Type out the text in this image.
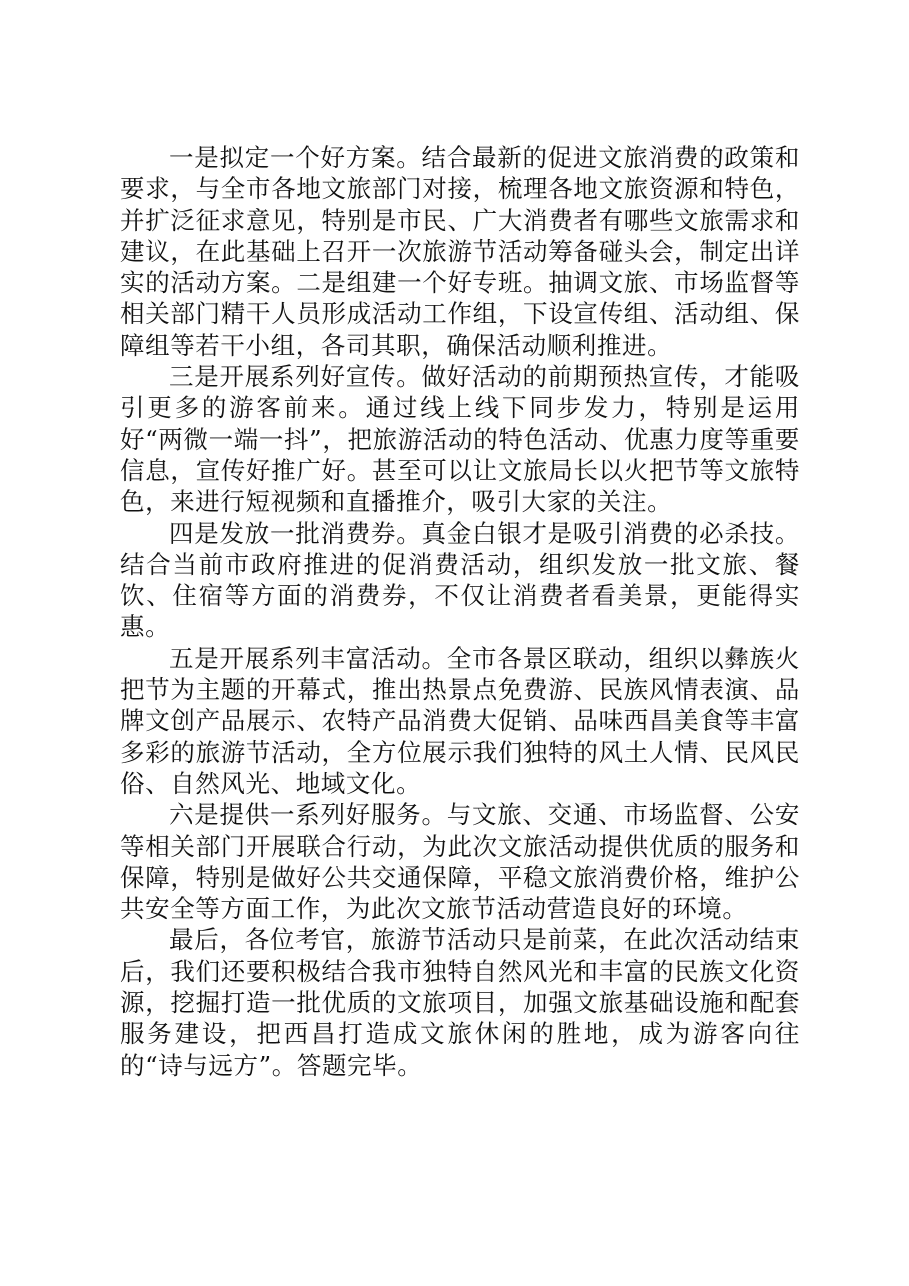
一是拟定一个好方案。结合最新的促进文旅消费的政策和要求，与全市各地文旅部门对接，梳理各地文旅资源和特色，并扩泛征求意见，特别是市民、广大消费者有哪些文旅需求和建议，在此基础上召开一次旅游节活动筹备碰头会，制定出详实的活动方案。二是组建一个好专班。抽调文旅、市场监督等相关部门精干人员形成活动工作组，下设宣传组、活动组、保障组等若干小组，各司其职，确保活动顺利推进。

三是开展系列好宣传。做好活动的前期预热宣传，才能吸引更多的游客前来。通过线上线下同步发力，特别是运用好“两微一端一抖”，把旅游活动的特色活动、优惠力度等重要信息，宣传好推广好。甚至可以让文旅局长以火把节等文旅特色，来进行短视频和直播推介，吸引大家的关注。

四是发放一批消费券。真金白银才是吸引消费的必杀技。结合当前市政府推进的促消费活动，组织发放一批文旅、餐饮、住宿等方面的消费券，不仅让消费者看美景，更能得实惠。

五是开展系列丰富活动。全市各景区联动，组织以彝族火把节为主题的开幕式，推出热景点免费游、民族风情表演、品牌文创产品展示、农特产品消费大促销、品味西昌美食等丰富多彩的旅游节活动，全方位展示我们独特的风土人情、民风民俗、自然风光、地域文化。

六是提供一系列好服务。与文旅、交通、市场监督、公安等相关部门开展联合行动，为此次文旅活动提供优质的服务和保障，特别是做好公共交通保障，平稳文旅消费价格，维护公共安全等方面工作，为此次文旅节活动营造良好的环境。

最后，各位考官，旅游节活动只是前菜，在此次活动结束后，我们还要积极结合我市独特自然风光和丰富的民族文化资源，挖掘打造一批优质的文旅项目，加强文旅基础设施和配套服务建设，把西昌打造成文旅休闲的胜地，成为游客向往的“诗与远方”。答题完毕。
